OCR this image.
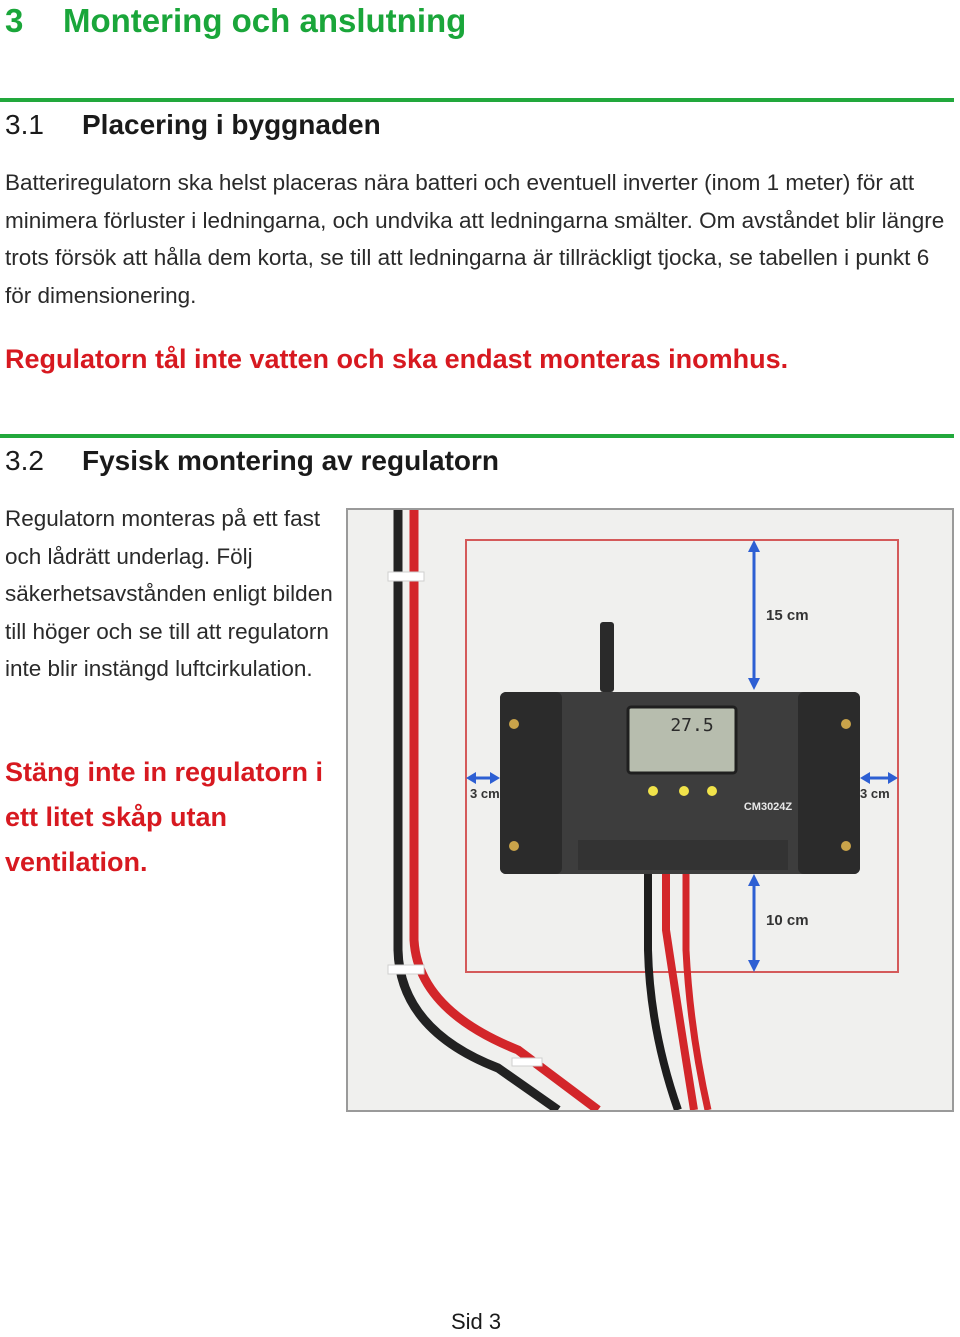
3 Montering och anslutning
3.1 Placering i byggnaden

Batteriregulatorn ska helst placeras nära batteri och eventuell inverter (inom 1 meter) för att minimera förluster i ledningarna, och undvika att ledningarna smälter. Om avståndet blir längre trots försök att hålla dem korta, se till att ledningarna är tillräckligt tjocka, se tabellen i punkt 6 för dimensionering.

Regulatorn tål inte vatten och ska endast monteras inomhus.

3.2 Fysisk montering av regulatorn

Regulatorn monteras på ett fast och lådrätt underlag. Följ säkerhetsavstånden enligt bilden till höger och se till att regulatorn inte blir instängd luftcirkulation.

Stäng inte in regulatorn i ett litet skåp utan ventilation.

27.5
CM3024Z
15 cm
10 cm
3 cm	3 cm

Sid 3
